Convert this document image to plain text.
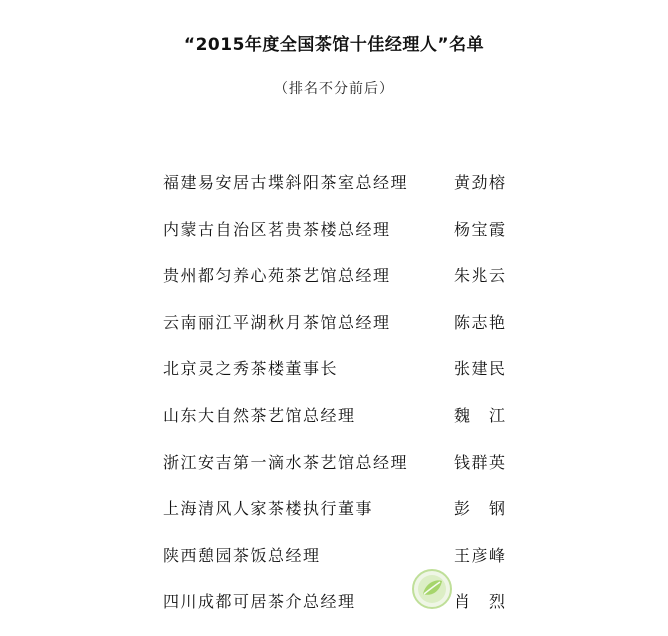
“2015年度全国茶馆十佳经理人”名单
（排名不分前后）
福建易安居古堞斜阳茶室总经理	黄劲榕
内蒙古自治区茗贵茶楼总经理	杨宝霞
贵州都匀养心苑茶艺馆总经理	朱兆云
云南丽江平湖秋月茶馆总经理	陈志艳
北京灵之秀茶楼董事长	张建民
山东大自然茶艺馆总经理	魏 江
浙江安吉第一滴水茶艺馆总经理	钱群英
上海清风人家茶楼执行董事	彭 钢
陕西憩园茶饭总经理	王彦峰
四川成都可居茶介总经理	肖 烈
